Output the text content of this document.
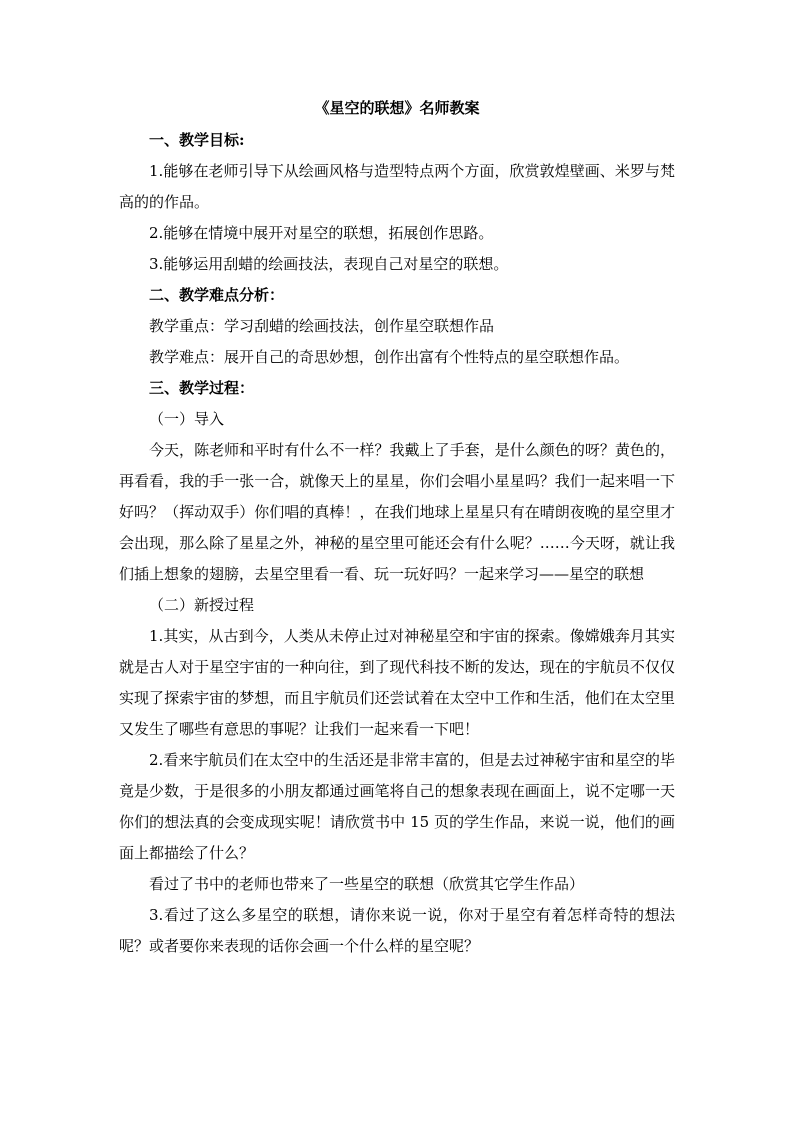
《星空的联想》名师教案

一、教学目标:

1.能够在老师引导下从绘画风格与造型特点两个方面，欣赏敦煌壁画、米罗与梵高的的作品。

2.能够在情境中展开对星空的联想，拓展创作思路。

3.能够运用刮蜡的绘画技法，表现自己对星空的联想。

二、教学难点分析：

教学重点：学习刮蜡的绘画技法，创作星空联想作品

教学难点：展开自己的奇思妙想，创作出富有个性特点的星空联想作品。

三、教学过程：

（一）导入

今天，陈老师和平时有什么不一样？我戴上了手套，是什么颜色的呀？黄色的，再看看，我的手一张一合，就像天上的星星，你们会唱小星星吗？我们一起来唱一下好吗？（挥动双手）你们唱的真棒！，在我们地球上星星只有在晴朗夜晚的星空里才会出现，那么除了星星之外，神秘的星空里可能还会有什么呢？……今天呀，就让我们插上想象的翅膀，去星空里看一看、玩一玩好吗？一起来学习——星空的联想

（二）新授过程

1.其实，从古到今，人类从未停止过对神秘星空和宇宙的探索。像嫦娥奔月其实就是古人对于星空宇宙的一种向往，到了现代科技不断的发达，现在的宇航员不仅仅实现了探索宇宙的梦想，而且宇航员们还尝试着在太空中工作和生活，他们在太空里又发生了哪些有意思的事呢？让我们一起来看一下吧！

2.看来宇航员们在太空中的生活还是非常丰富的，但是去过神秘宇宙和星空的毕竟是少数，于是很多的小朋友都通过画笔将自己的想象表现在画面上，说不定哪一天你们的想法真的会变成现实呢！请欣赏书中 15 页的学生作品，来说一说，他们的画面上都描绘了什么？

看过了书中的老师也带来了一些星空的联想（欣赏其它学生作品）

3.看过了这么多星空的联想，请你来说一说，你对于星空有着怎样奇特的想法呢？或者要你来表现的话你会画一个什么样的星空呢？
